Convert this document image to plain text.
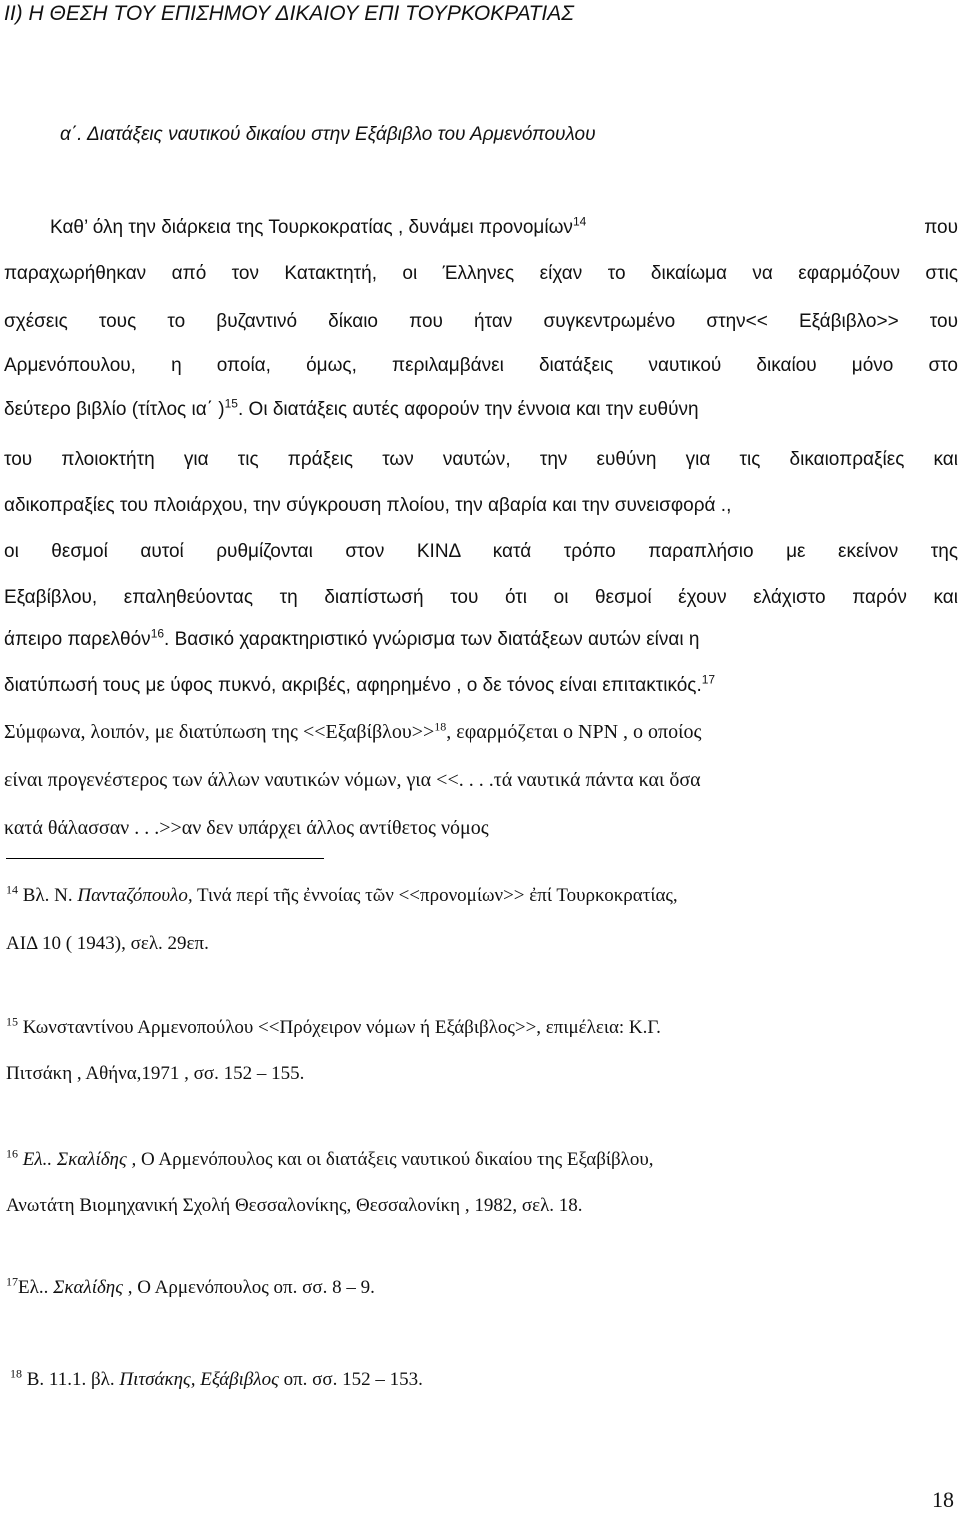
ΙΙ) Η ΘΕΣΗ ΤΟΥ ΕΠΙΣΗΜΟΥ ΔΙΚΑΙΟΥ ΕΠΙ ΤΟΥΡΚΟΚΡΑΤΙΑΣ
α΄. Διατάξεις ναυτικού δικαίου στην Εξάβιβλο του Αρμενόπουλου
Καθ’ όλη την διάρκεια της Τουρκοκρατίας , δυνάμει προνομίων$^{14}$	που
παραχωρήθηκαν από τον Κατακτητή, οι Έλληνες είχαν το δικαίωμα να εφαρμόζουν στις
σχέσεις τους το βυζαντινό δίκαιο που ήταν συγκεντρωμένο στην<< Εξάβιβλο>> του
Αρμενόπουλου, η οποία, όμως, περιλαμβάνει διατάξεις ναυτικού δικαίου μόνο στο
δεύτερο βιβλίο (τίτλος ια΄ )$^{15}$. Οι διατάξεις αυτές αφορούν την έννοια και την ευθύνη
του πλοιοκτήτη για τις πράξεις των ναυτών, την ευθύνη για τις δικαιοπραξίες και
αδικοπραξίες του πλοιάρχου, την σύγκρουση πλοίου, την αβαρία και την συνεισφορά .,
οι θεσμοί αυτοί ρυθμίζονται στον ΚΙΝΔ κατά τρόπο παραπλήσιο με εκείνον της
Εξαβίβλου, επαληθεύοντας τη διαπίστωσή του ότι οι θεσμοί έχουν ελάχιστο παρόν και
άπειρο παρελθόν$^{16}$. Βασικό χαρακτηριστικό γνώρισμα των διατάξεων αυτών είναι η
διατύπωσή τους με ύφος πυκνό, ακριβές, αφηρημένο , ο δε τόνος είναι επιτακτικός.$^{17}$
Σύμφωνα, λοιπόν, με διατύπωση της <<Εξαβίβλου>>$^{18}$, εφαρμόζεται ο ΝΡΝ , ο οποίος
είναι προγενέστερος των άλλων ναυτικών νόμων, για <<. . . .τά ναυτικά πάντα και ὅσα
κατά θάλασσαν . . .>>αν δεν υπάρχει άλλος αντίθετος νόμος
$^{14}$ Βλ. Ν. Πανταζόπουλο, Τινά περί τῆς ἐννοίας τῶν <<προνομίων>> ἐπί Τουρκοκρατίας,
ΑΙΔ 10 ( 1943), σελ. 29επ.
$^{15}$ Κωνσταντίνου Αρμενοπούλου <<Πρόχειρον νόμων ή Εξάβιβλος>>, επιμέλεια: Κ.Γ.
Πιτσάκη , Αθήνα,1971 , σσ. 152 – 155.
$^{16}$ Ελ.. Σκαλίδης , Ο Αρμενόπουλος και οι διατάξεις ναυτικού δικαίου της Εξαβίβλου,
Ανωτάτη Βιομηχανική Σχολή Θεσσαλονίκης, Θεσσαλονίκη , 1982, σελ. 18.
$^{17}$Ελ.. Σκαλίδης , Ο Αρμενόπουλος οπ. σσ. 8 – 9.
$^{18}$ Β. 11.1. βλ. Πιτσάκης, Εξάβιβλος οπ. σσ. 152 – 153.
18
